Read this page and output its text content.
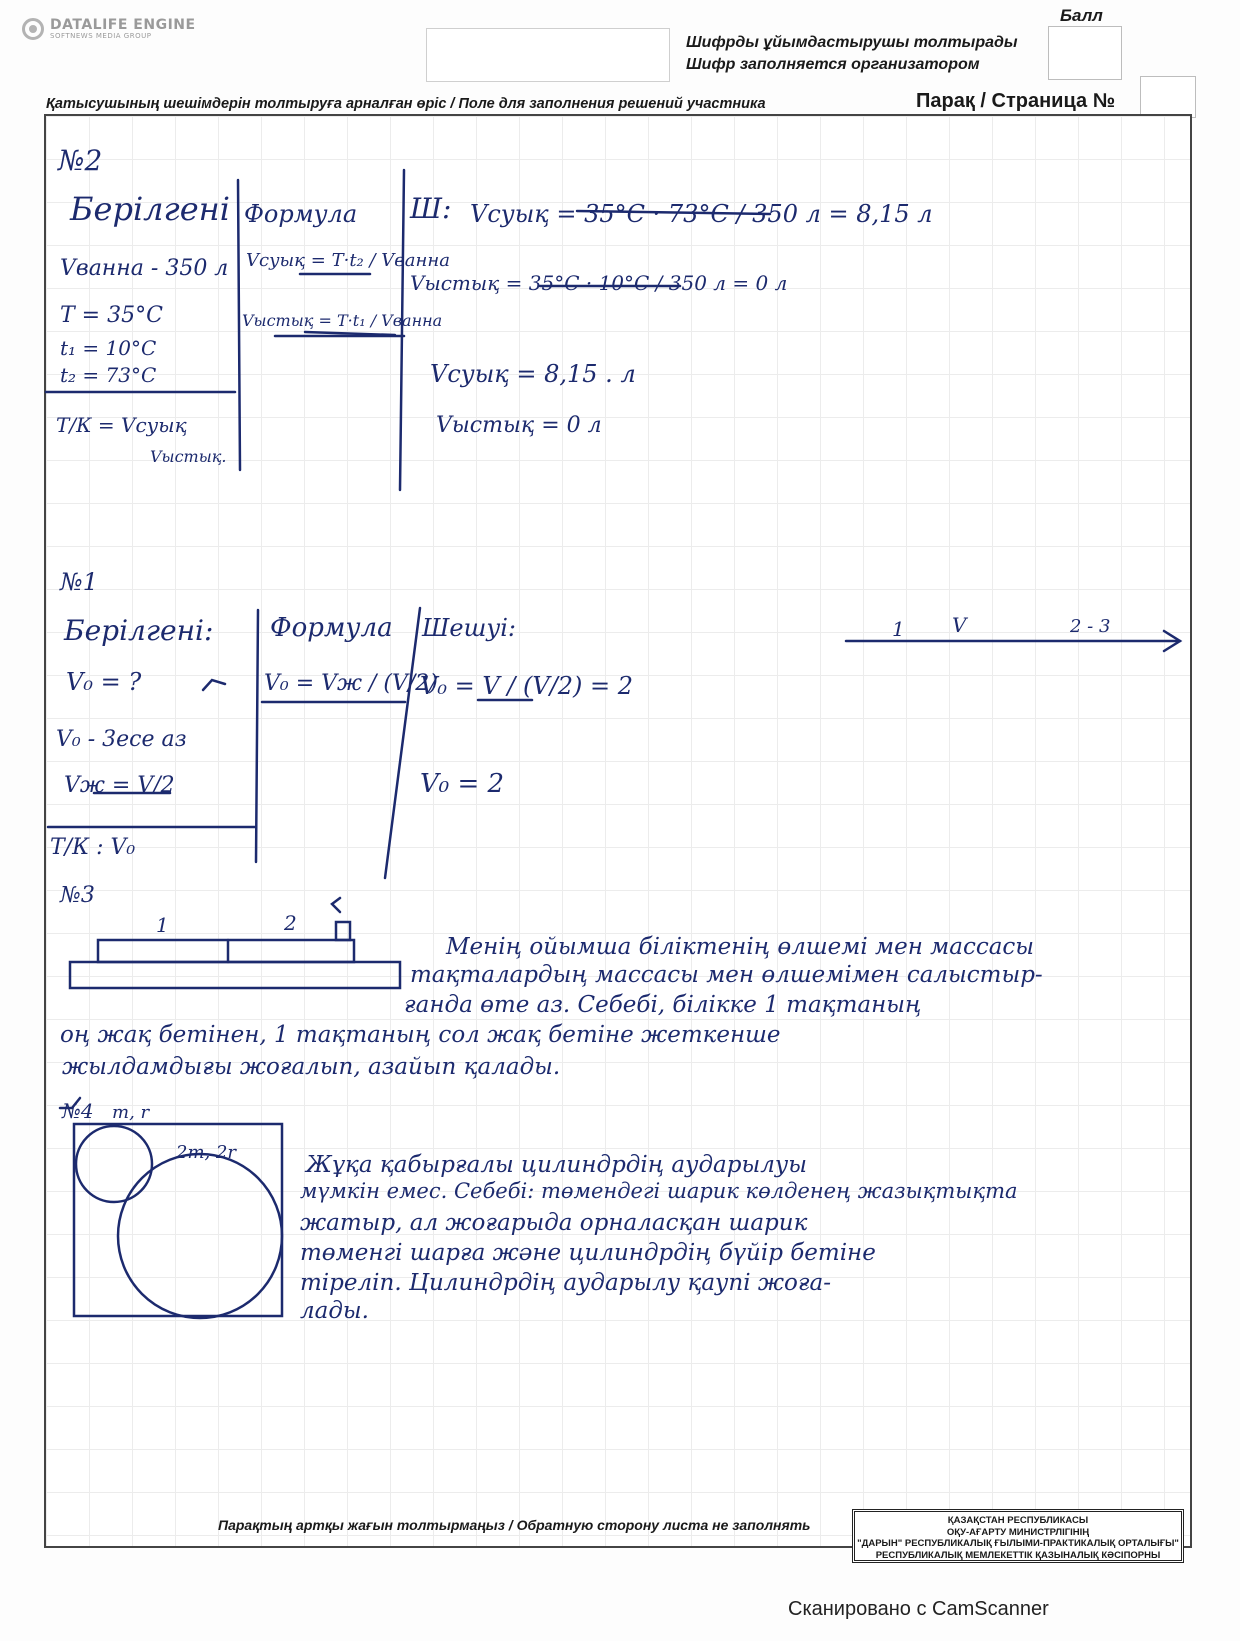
DATALIFE ENGINE
SOFTNEWS MEDIA GROUP	Шифрды ұйымдастырушы толтырады
Шифр заполняется организатором
Балл
Қатысушының шешімдерін толтыруға арналған өріс / Поле для заполнения решений участника	Парақ / Страница №
№2
Берілгені
Vванна - 350 л
T = 35°C
t₁ = 10°C
t₂ = 73°C
Т/К = Vсуық
Vыстық.
Формула
Vсуық = T·t₂ / Vванна
Vыстық = T·t₁ / Vванна
Ш: Vсуық = 35°C · 73°C / 350 л = 8,15 л
Vыстық = 35°C · 10°C / 350 л = 0 л
Vсуық = 8,15 . л
Vыстық = 0 л
№1
Берілгені:
V₀ = ?
V₀ - 3есе аз
Vж = V/2
Т/К : V₀
Формула
V₀ = Vж / (V/2)
Шешуі:
V₀ = V / (V/2) = 2
V₀ = 2
1 V	2 - 3
№3
1	2
Менің ойымша біліктенің өлшемі мен массасы
тақталардың массасы мен өлшемімен салыстыр-
ғанда өте аз. Себебі, білікке 1 тақтаның
оң жақ бетінен, 1 тақтаның сол жақ бетіне жеткенше
жылдамдығы жоғалып, азайып қалады.
№4 m, r
2m, 2r	Жұқа қабырғалы цилиндрдің аударылуы
мүмкін емес. Себебі: төмендегі шарик көлденең жазықтықта
жатыр, ал жоғарыда орналасқан шарик
төменгі шарға және цилиндрдің бүйір бетіне
тіреліп. Цилиндрдің аударылу қаупі жоға-
лады.
Парақтың артқы жағын толтырмаңыз / Обратную сторону листа не заполнять	ҚАЗАҚСТАН РЕСПУБЛИКАСЫ
ОҚУ-АҒАРТУ МИНИСТРЛІГІНІҢ
"ДАРЫН" РЕСПУБЛИКАЛЫҚ ҒЫЛЫМИ-ПРАКТИКАЛЫҚ ОРТАЛЫҒЫ"
РЕСПУБЛИКАЛЫҚ МЕМЛЕКЕТТІК ҚАЗЫНАЛЫҚ КӘСІПОРНЫ
Сканировано с CamScanner
